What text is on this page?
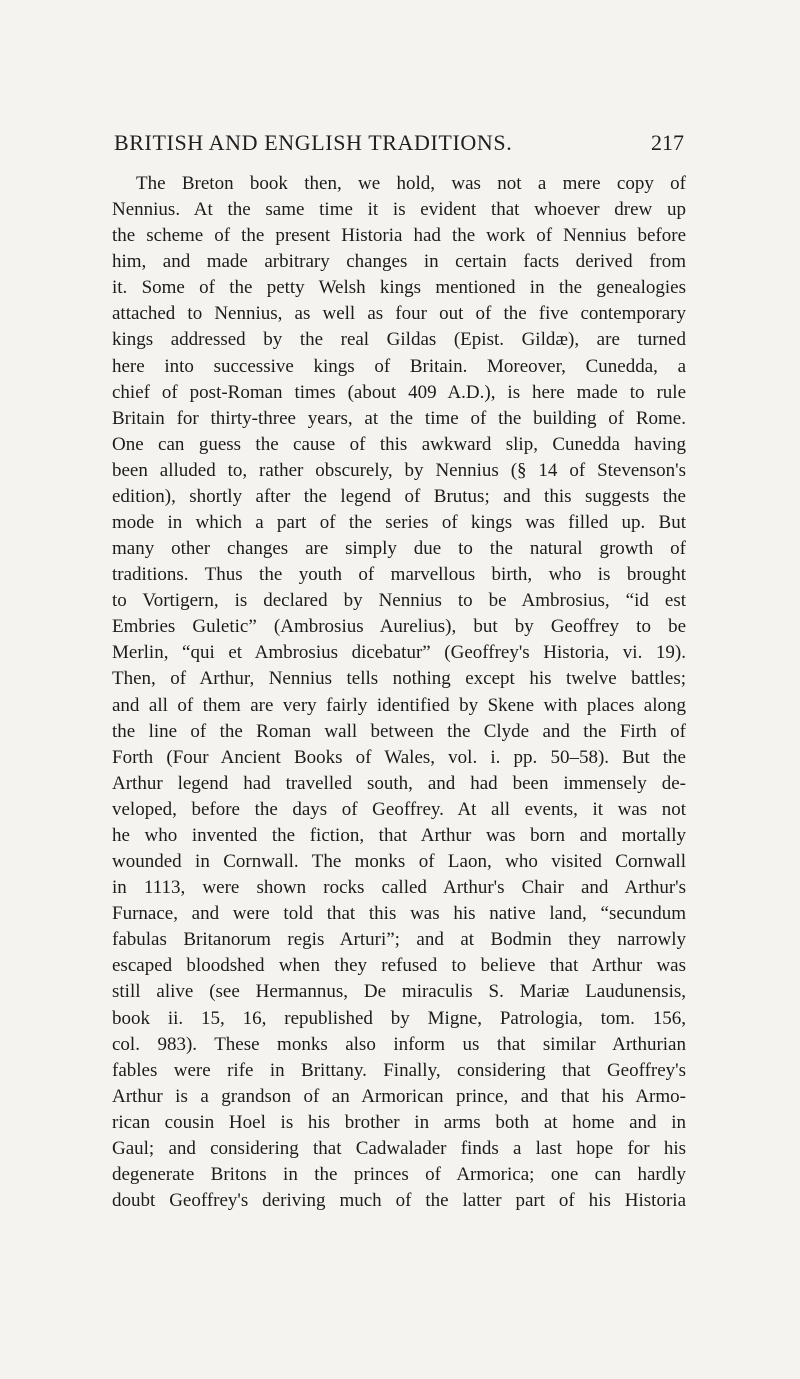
BRITISH AND ENGLISH TRADITIONS.	217
The Breton book then, we hold, was not a mere copy of
Nennius. At the same time it is evident that whoever drew up
the scheme of the present Historia had the work of Nennius before
him, and made arbitrary changes in certain facts derived from
it. Some of the petty Welsh kings mentioned in the genealogies
attached to Nennius, as well as four out of the five contemporary
kings addressed by the real Gildas (Epist. Gildæ), are turned
here into successive kings of Britain. Moreover, Cunedda, a
chief of post-Roman times (about 409 A.D.), is here made to rule
Britain for thirty-three years, at the time of the building of Rome.
One can guess the cause of this awkward slip, Cunedda having
been alluded to, rather obscurely, by Nennius (§ 14 of Stevenson's
edition), shortly after the legend of Brutus; and this suggests the
mode in which a part of the series of kings was filled up. But
many other changes are simply due to the natural growth of
traditions. Thus the youth of marvellous birth, who is brought
to Vortigern, is declared by Nennius to be Ambrosius, “id est
Embries Guletic” (Ambrosius Aurelius), but by Geoffrey to be
Merlin, “qui et Ambrosius dicebatur” (Geoffrey's Historia, vi. 19).
Then, of Arthur, Nennius tells nothing except his twelve battles;
and all of them are very fairly identified by Skene with places along
the line of the Roman wall between the Clyde and the Firth of
Forth (Four Ancient Books of Wales, vol. i. pp. 50–58). But the
Arthur legend had travelled south, and had been immensely de-
veloped, before the days of Geoffrey. At all events, it was not
he who invented the fiction, that Arthur was born and mortally
wounded in Cornwall. The monks of Laon, who visited Cornwall
in 1113, were shown rocks called Arthur's Chair and Arthur's
Furnace, and were told that this was his native land, “secundum
fabulas Britanorum regis Arturi”; and at Bodmin they narrowly
escaped bloodshed when they refused to believe that Arthur was
still alive (see Hermannus, De miraculis S. Mariæ Laudunensis,
book ii. 15, 16, republished by Migne, Patrologia, tom. 156,
col. 983). These monks also inform us that similar Arthurian
fables were rife in Brittany. Finally, considering that Geoffrey's
Arthur is a grandson of an Armorican prince, and that his Armo-
rican cousin Hoel is his brother in arms both at home and in
Gaul; and considering that Cadwalader finds a last hope for his
degenerate Britons in the princes of Armorica; one can hardly
doubt Geoffrey's deriving much of the latter part of his Historia
